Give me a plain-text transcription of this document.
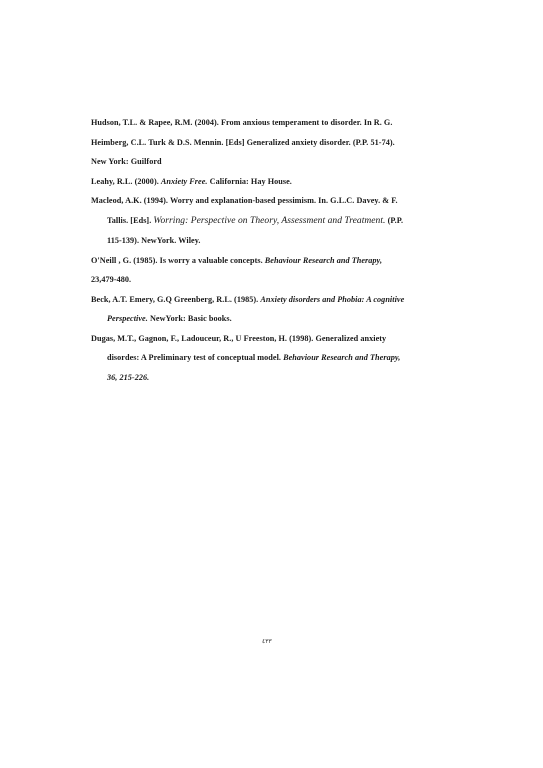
Hudson, T.L. & Rapee, R.M. (2004). From anxious temperament to disorder. In R. G.
Heimberg, C.L. Turk & D.S. Mennin. [Eds] Generalized anxiety disorder. (P.P. 51-74).
New York: Guilford
Leahy, R.L. (2000). Anxiety Free. California: Hay House.
Macleod, A.K. (1994). Worry and explanation-based pessimism. In. G.L.C. Davey. & F.
Tallis. [Eds]. Worring: Perspective on Theory, Assessment and Treatment. (P.P.
115-139). NewYork. Wiley.
O'Neill , G. (1985). Is worry a valuable concepts. Behaviour Research and Therapy,
23,479-480.
Beck, A.T. Emery, G.Q Greenberg, R.L. (1985). Anxiety disorders and Phobia: A cognitive
Perspective. NewYork: Basic books.
Dugas, M.T., Gagnon, F., Ladouceur, R., U Freeston, H. (1998). Generalized anxiety
disordes: A Preliminary test of conceptual model. Behaviour Research and Therapy,
36, 215-226.
٤٣٣
